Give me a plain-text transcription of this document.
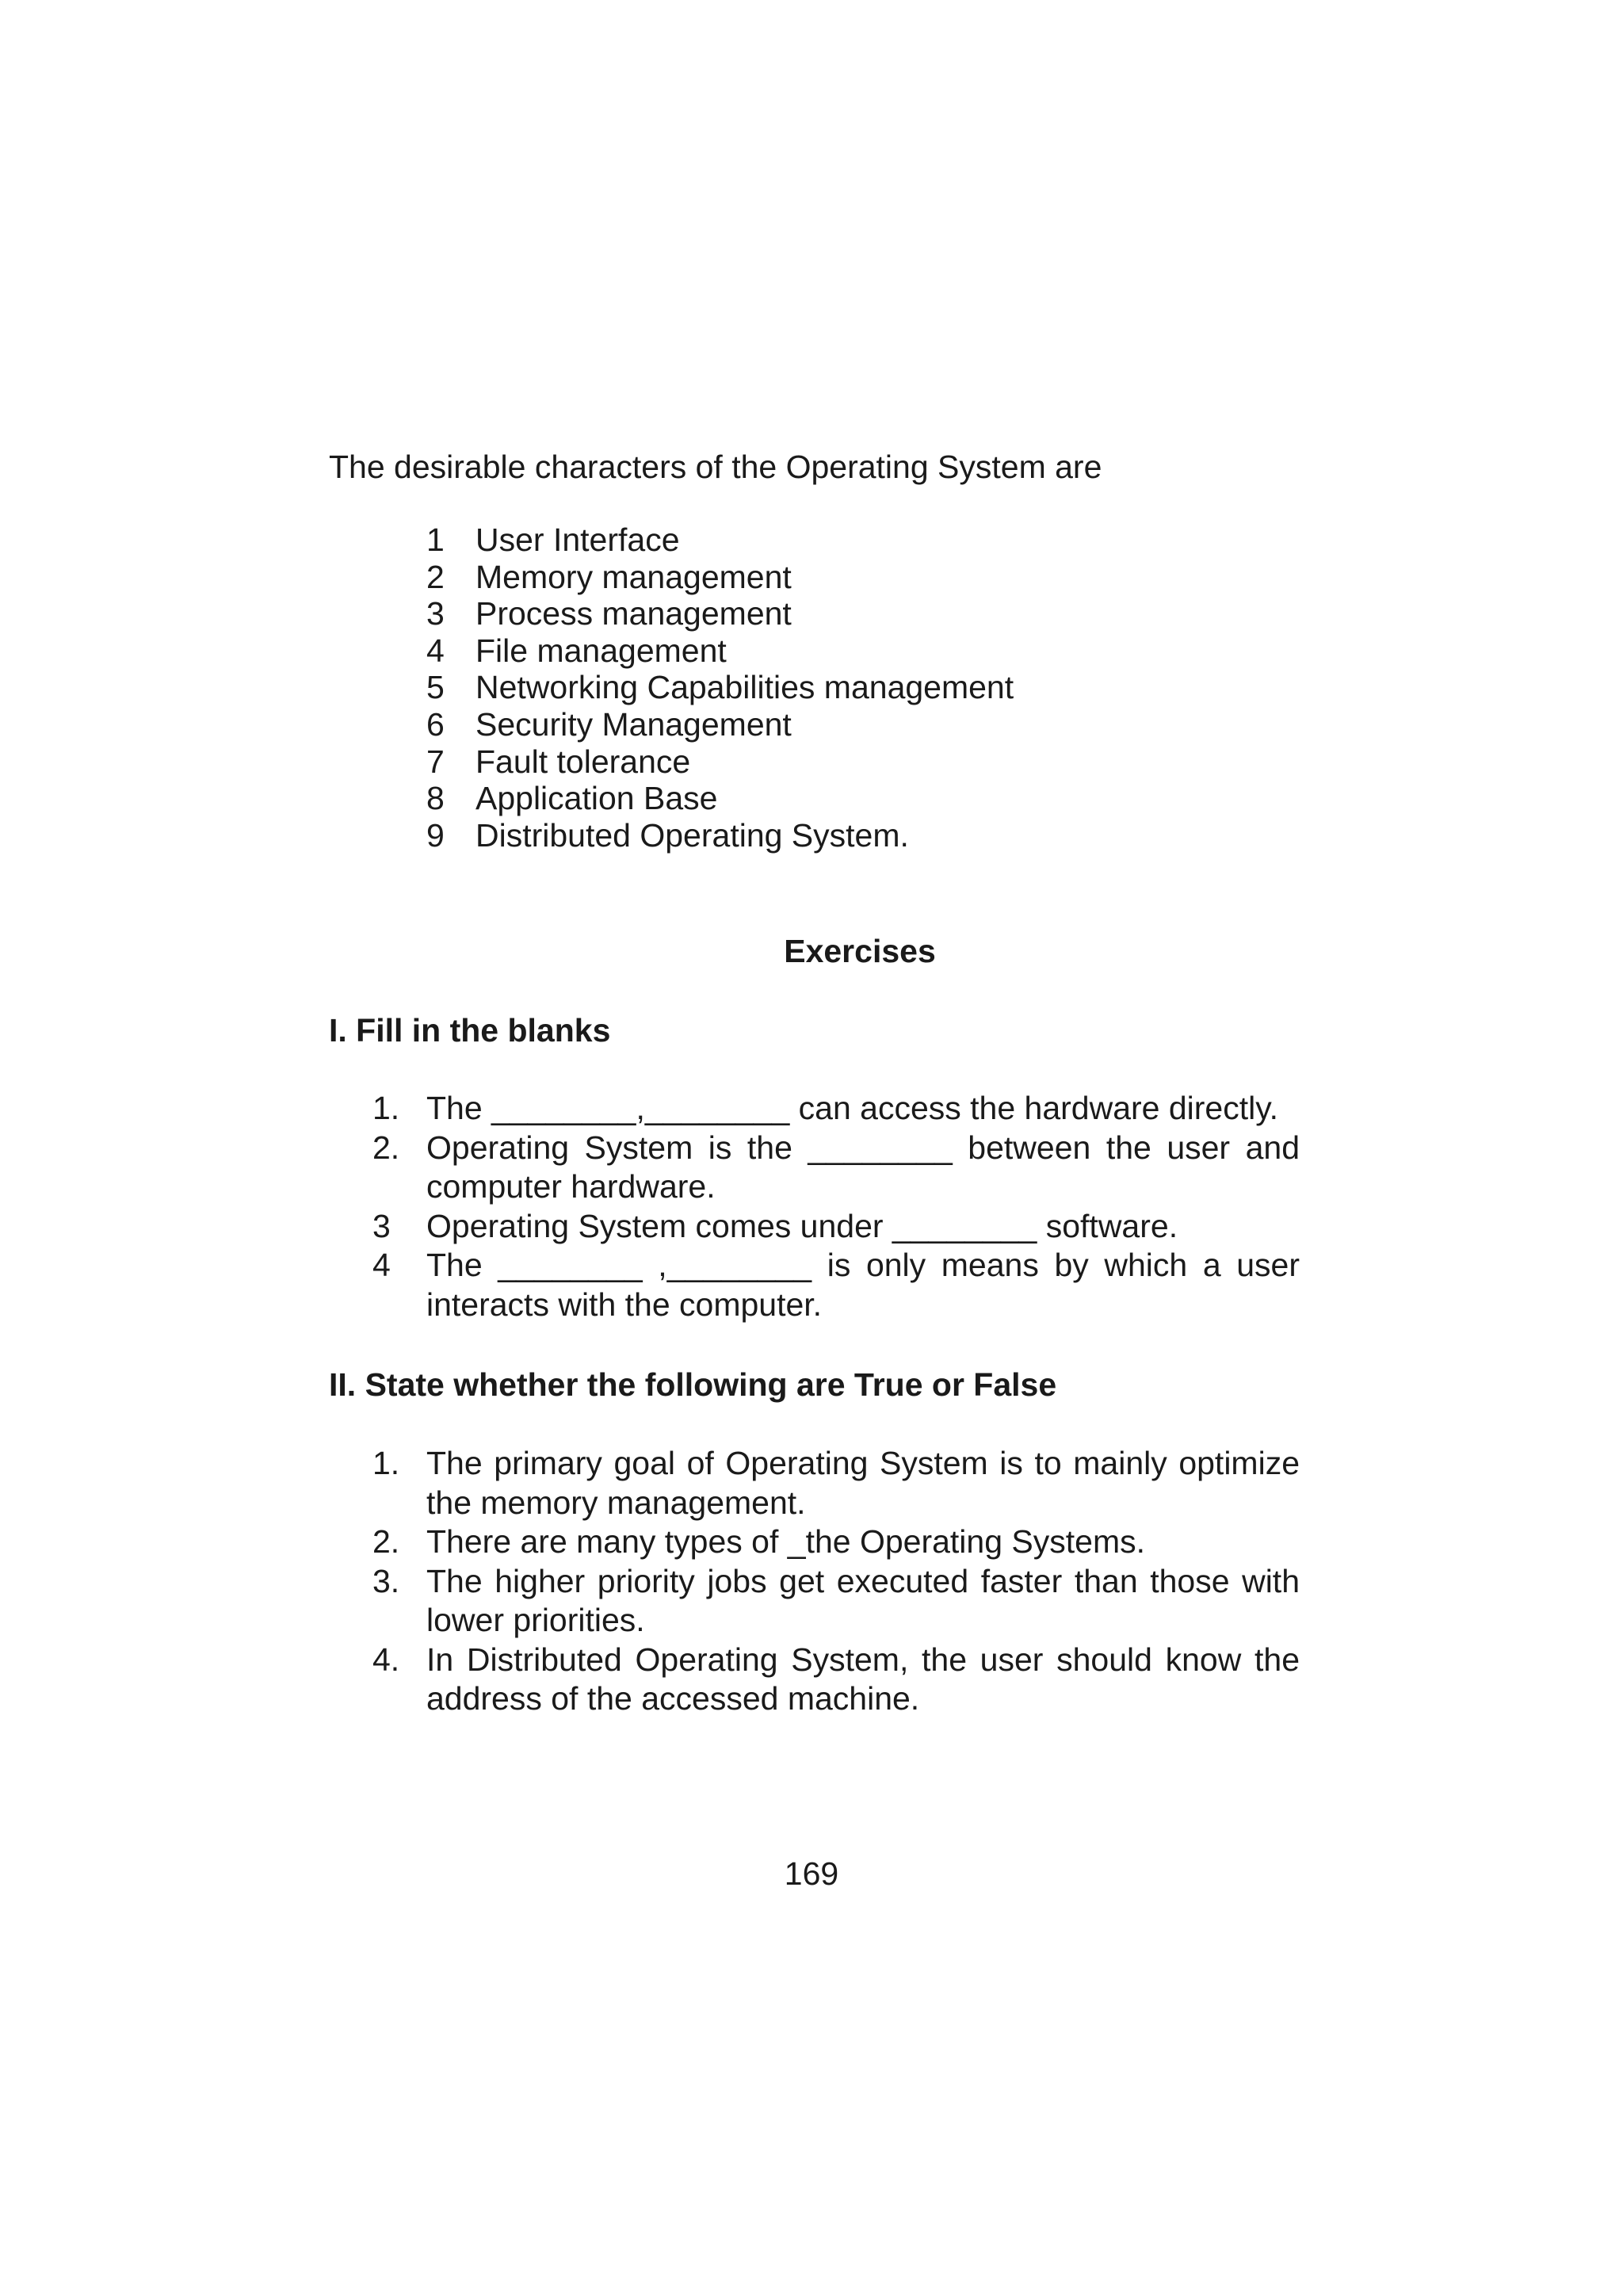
The desirable characters of the Operating System are
1 User Interface
2 Memory management
3 Process management
4 File management
5 Networking Capabilities management
6 Security Management
7 Fault tolerance
8 Application Base
9 Distributed Operating System.
Exercises
I. Fill in the blanks
1. The ________,________ can access the hardware directly.
2. Operating System is the ________ between the user and computer hardware.
3 Operating System comes under ________ software.
4 The ________ ,________ is only means by which a user interacts with the computer.
II. State whether the following are True or False
1. The primary goal of Operating System is to mainly optimize the memory management.
2. There are many types of _the Operating Systems.
3. The higher priority jobs get executed faster than those with lower priorities.
4. In Distributed Operating System, the user should know the address of the accessed machine.
169
